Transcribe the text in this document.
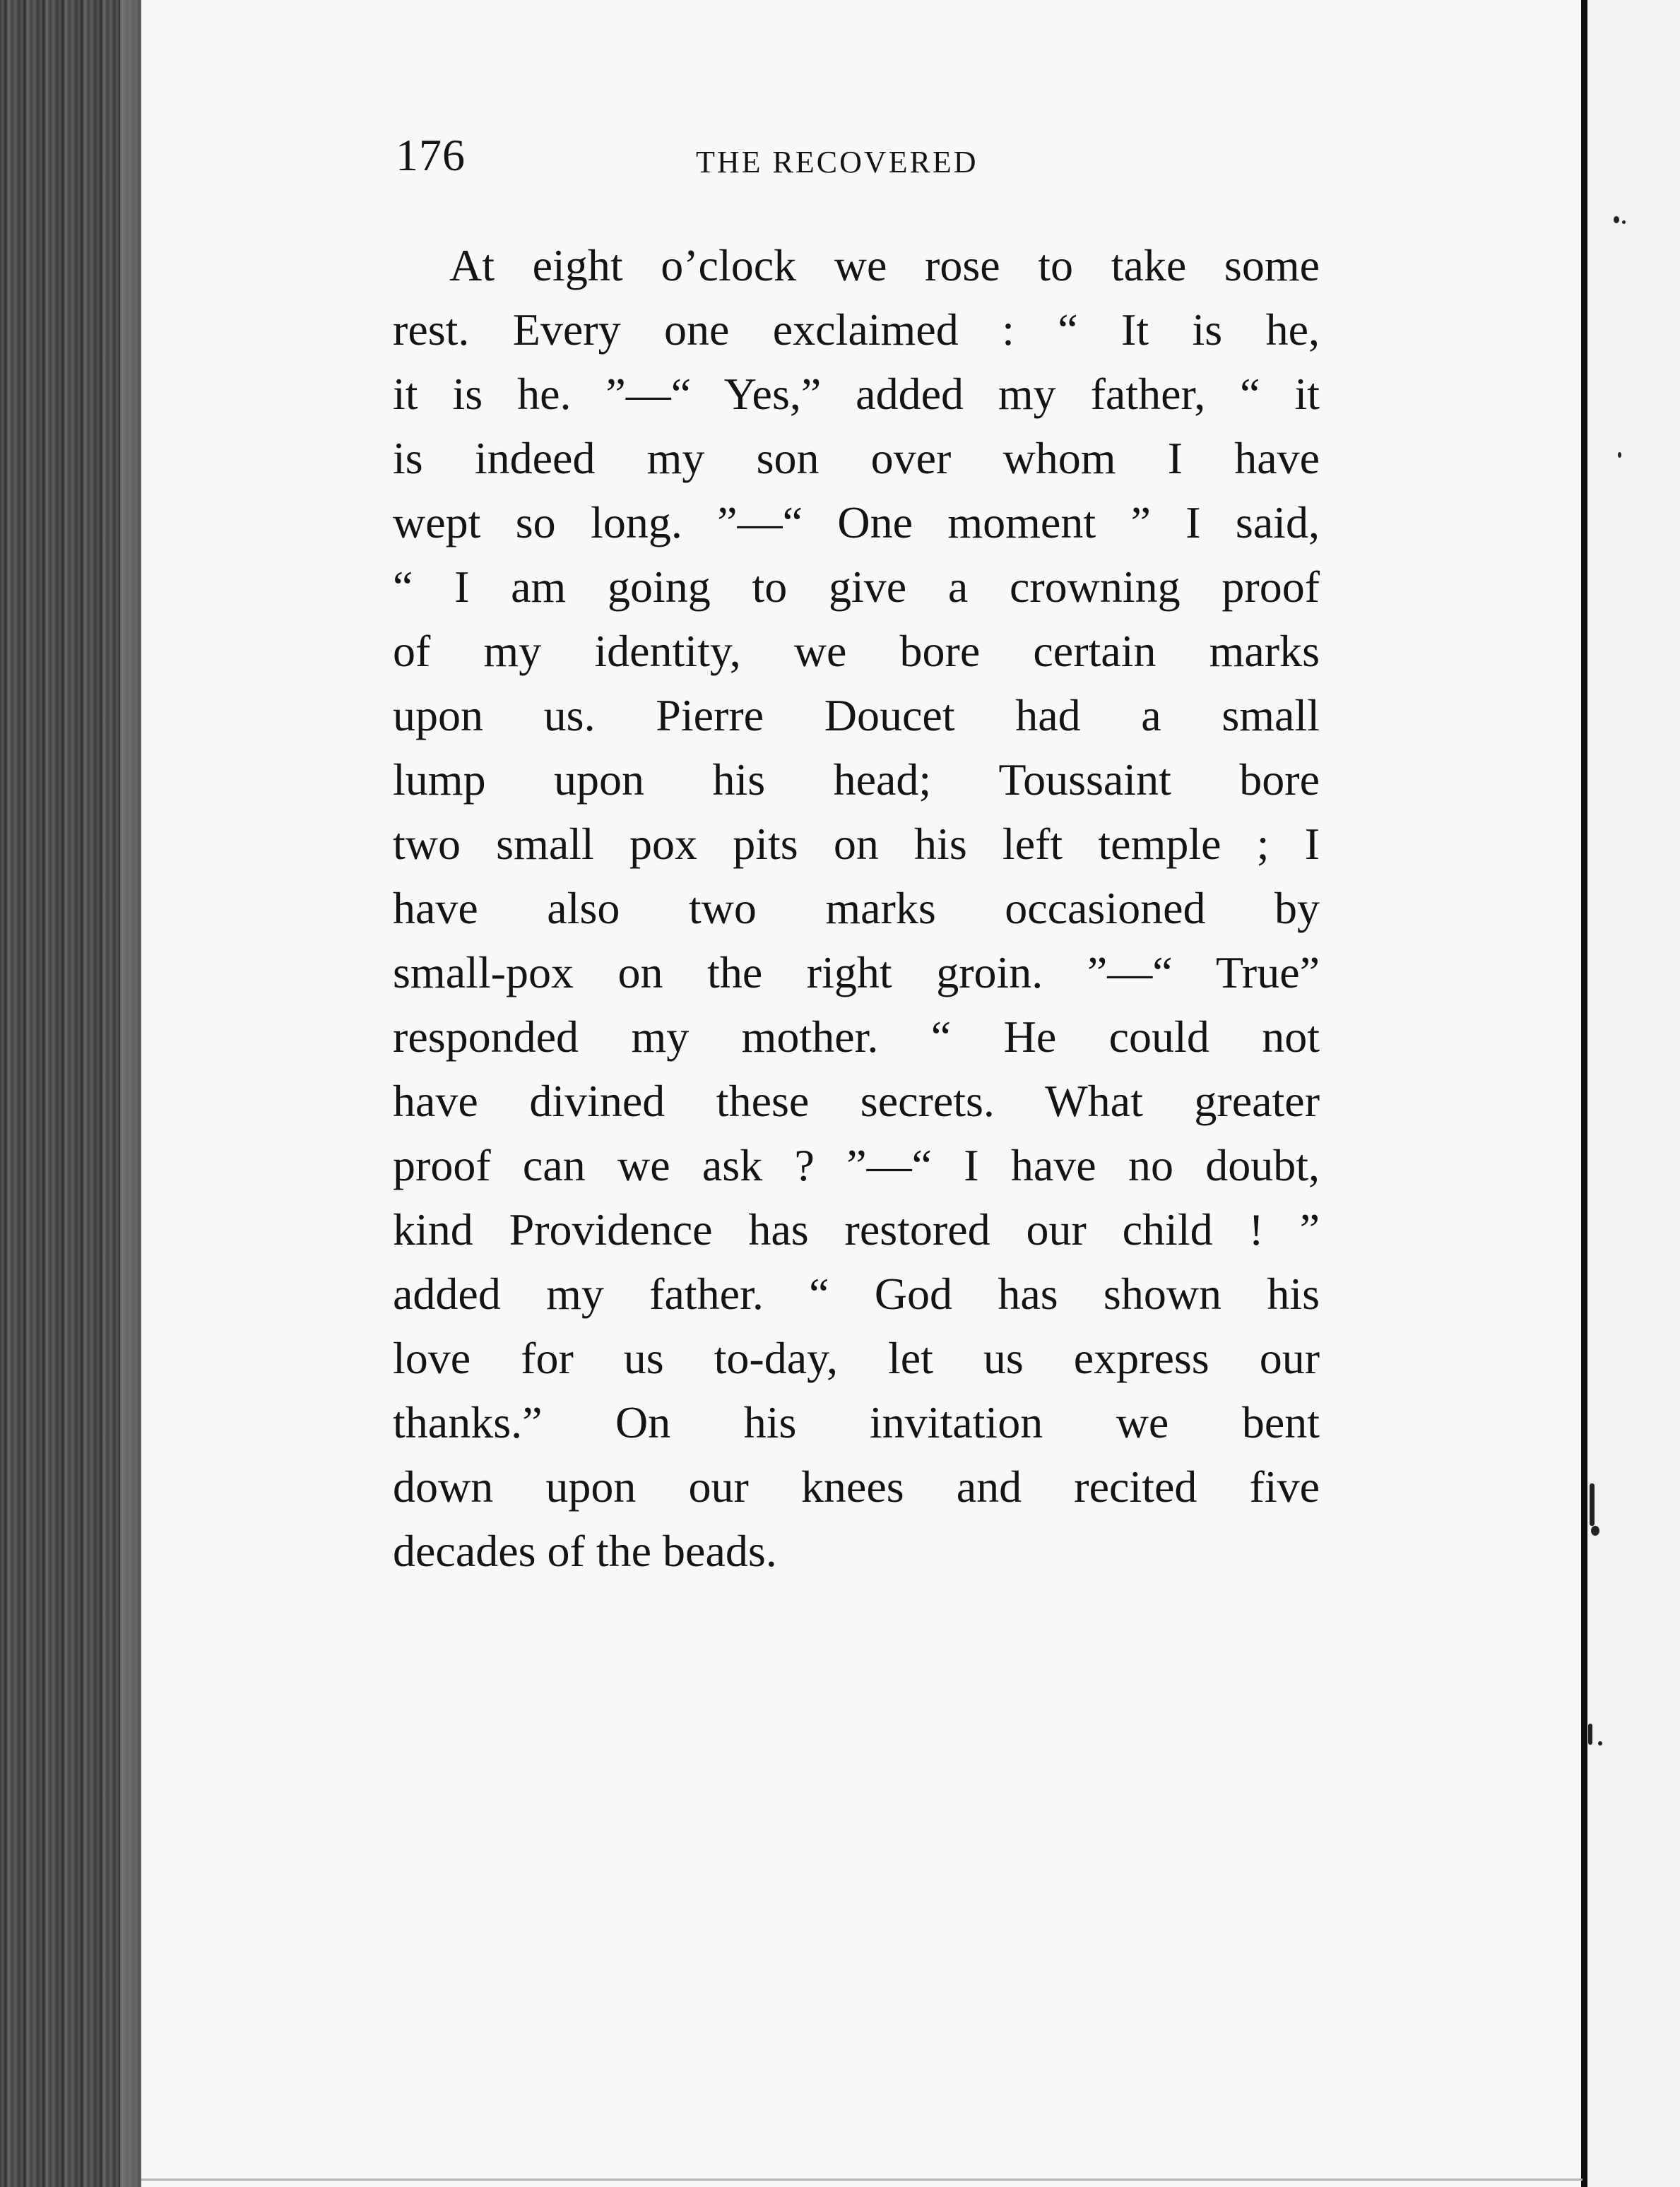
176	THE RECOVERED
At eight o’clock we rose to take some
rest. Every one exclaimed : “ It is he,
it is he. ”—“ Yes,” added my father, “ it
is indeed my son over whom I have
wept so long. ”—“ One moment ” I said,
“ I am going to give a crowning proof
of my identity, we bore certain marks
upon us. Pierre Doucet had a small
lump upon his head; Toussaint bore
two small pox pits on his left temple ; I
have also two marks occasioned by
small-pox on the right groin. ”—“ True”
responded my mother. “ He could not
have divined these secrets. What greater
proof can we ask ? ”—“ I have no doubt,
kind Providence has restored our child ! ”
added my father. “ God has shown his
love for us to-day, let us express our
thanks.” On his invitation we bent
down upon our knees and recited five
decades of the beads.
